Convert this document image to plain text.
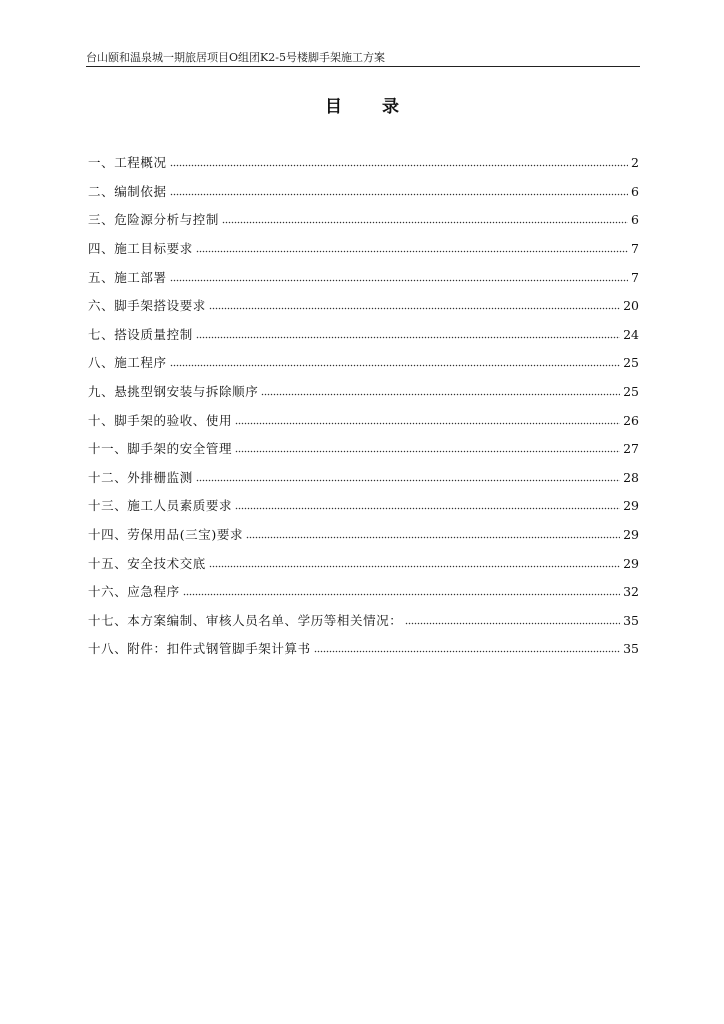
台山颐和温泉城一期旅居项目O组团K2-5号楼脚手架施工方案
目 录
一、工程概况	2
二、编制依据	6
三、危险源分析与控制	6
四、施工目标要求	7
五、施工部署	7
六、脚手架搭设要求	20
七、搭设质量控制	24
八、施工程序	25
九、悬挑型钢安装与拆除顺序	25
十、脚手架的验收、使用	26
十一、脚手架的安全管理	27
十二、外排栅监测	28
十三、施工人员素质要求	29
十四、劳保用品(三宝)要求	29
十五、安全技术交底	29
十六、应急程序	32
十七、本方案编制、审核人员名单、学历等相关情况：	35
十八、附件：扣件式钢管脚手架计算书	35
